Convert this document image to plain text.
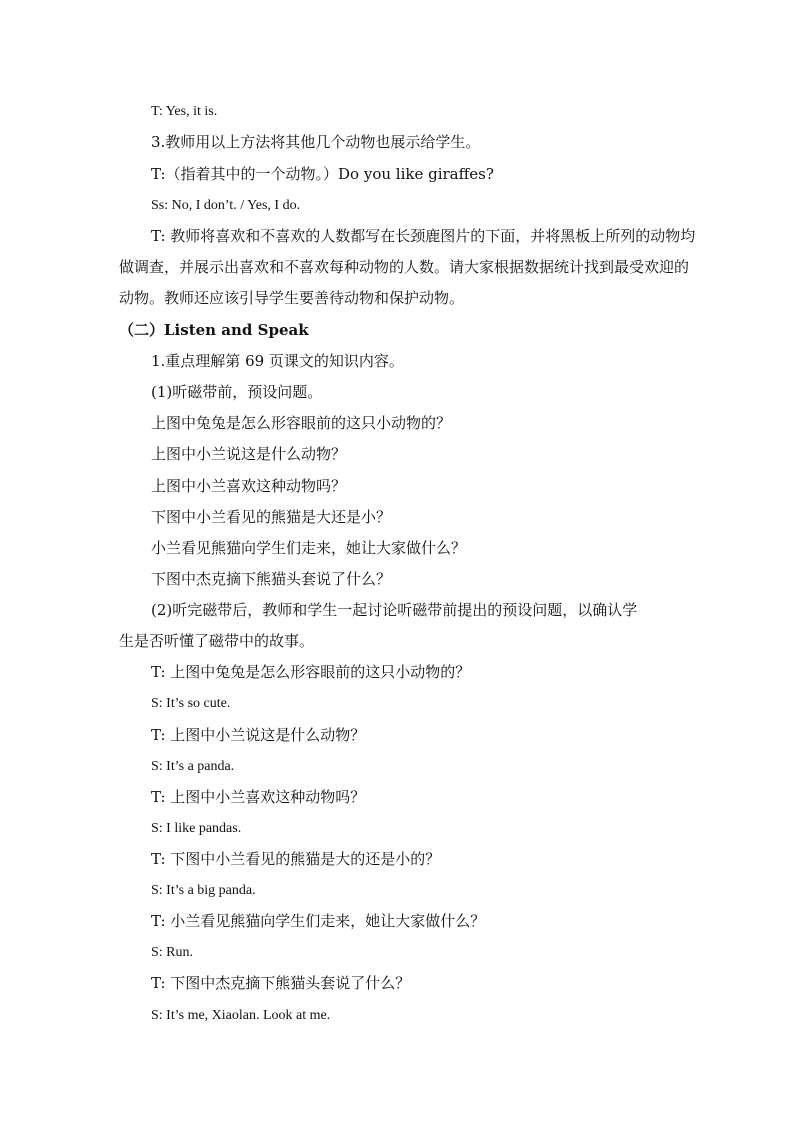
T: Yes, it is.
3.教师用以上方法将其他几个动物也展示给学生。
T:（指着其中的一个动物。）Do you like giraffes?
Ss: No, I don’t. / Yes, I do.
T: 教师将喜欢和不喜欢的人数都写在长颈鹿图片的下面，并将黑板上所列的动物均
做调查，并展示出喜欢和不喜欢每种动物的人数。请大家根据数据统计找到最受欢迎的
动物。教师还应该引导学生要善待动物和保护动物。
（二）Listen and Speak
1.重点理解第 69 页课文的知识内容。
(1)听磁带前，预设问题。
上图中兔兔是怎么形容眼前的这只小动物的？
上图中小兰说这是什么动物？
上图中小兰喜欢这种动物吗？
下图中小兰看见的熊猫是大还是小？
小兰看见熊猫向学生们走来，她让大家做什么？
下图中杰克摘下熊猫头套说了什么？
(2)听完磁带后，教师和学生一起讨论听磁带前提出的预设问题，以确认学
生是否听懂了磁带中的故事。
T: 上图中兔兔是怎么形容眼前的这只小动物的？
S: It’s so cute.
T: 上图中小兰说这是什么动物？
S: It’s a panda.
T: 上图中小兰喜欢这种动物吗？
S: I like pandas.
T: 下图中小兰看见的熊猫是大的还是小的？
S: It’s a big panda.
T: 小兰看见熊猫向学生们走来，她让大家做什么？
S: Run.
T: 下图中杰克摘下熊猫头套说了什么？
S: It’s me, Xiaolan. Look at me.
